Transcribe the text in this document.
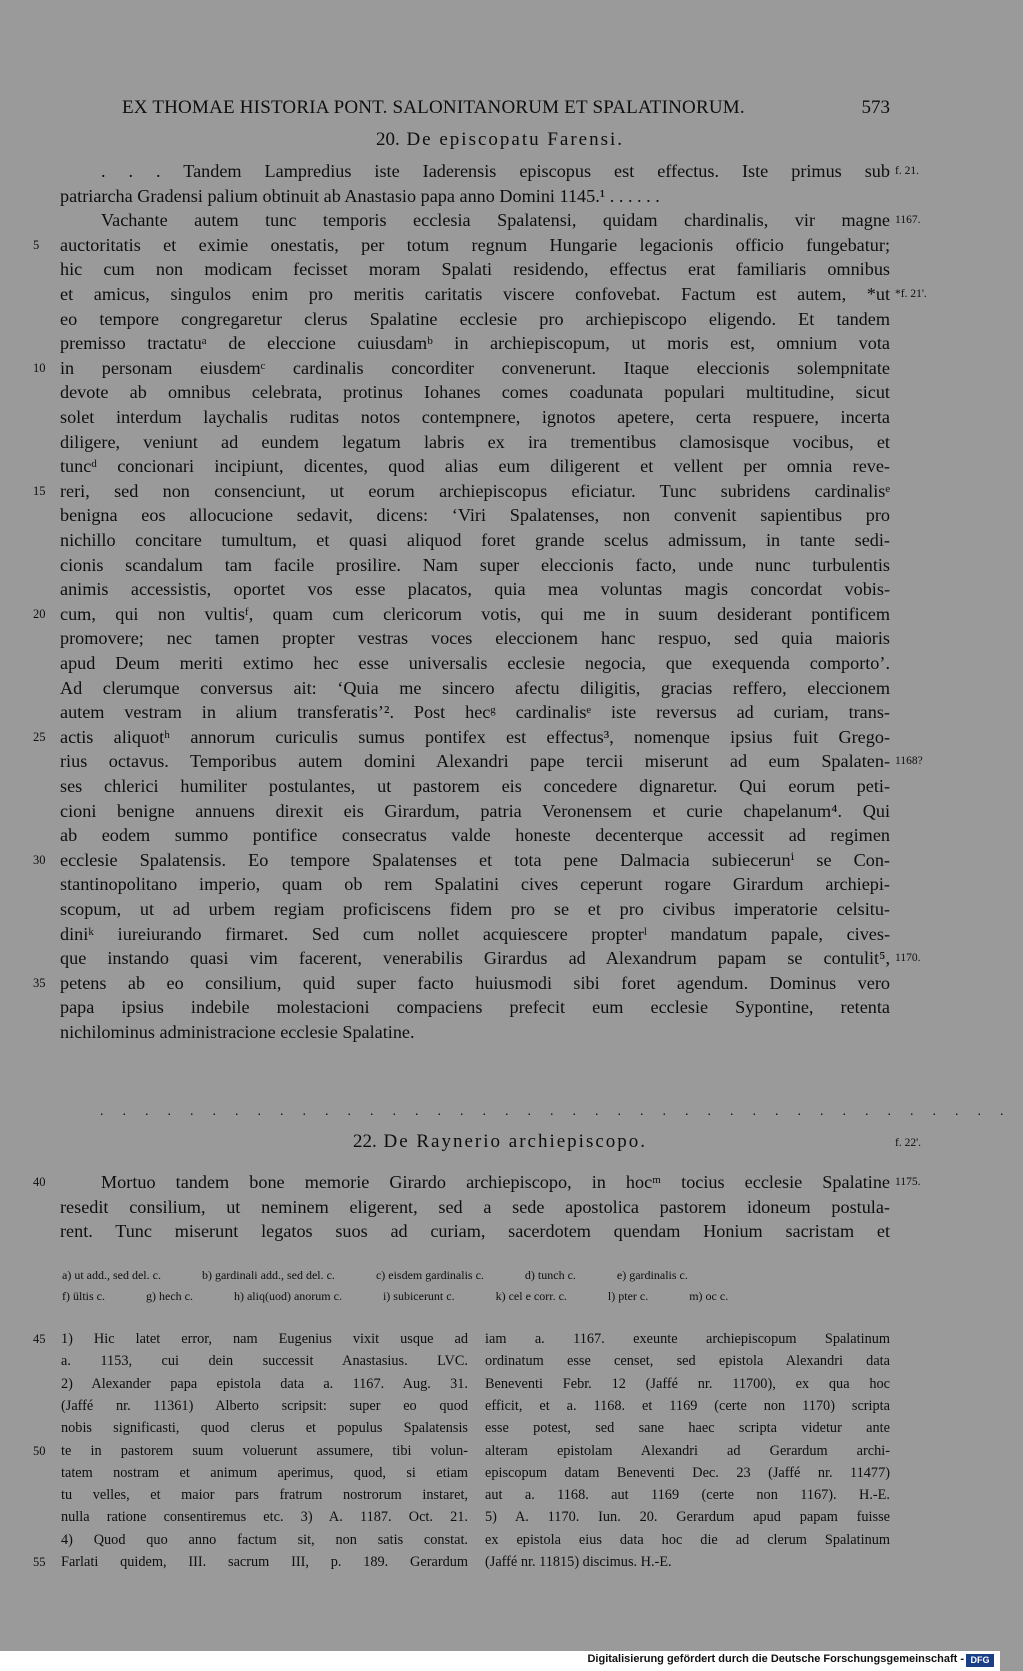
EX THOMAE HISTORIA PONT. SALONITANORUM ET SPALATINORUM.	573
20. De episcopatu Farensi.
. . . Tandem Lampredius iste Iaderensis episcopus est effectus. Iste primus sub f. 21.
patriarcha Gradensi palium obtinuit ab Anastasio papa anno Domini 1145.¹ . . . . . .
Vachante autem tunc temporis ecclesia Spalatensi, quidam chardinalis, vir magne 1167.
5	auctoritatis et eximie onestatis, per totum regnum Hungarie legacionis officio fungebatur;
hic cum non modicam fecisset moram Spalati residendo, effectus erat familiaris omnibus
et amicus, singulos enim pro meritis caritatis viscere confovebat. Factum est autem, *ut *f. 21'.
eo tempore congregaretur clerus Spalatine ecclesie pro archiepiscopo eligendo. Et tandem
premisso tractatuᵃ de eleccione cuiusdamᵇ in archiepiscopum, ut moris est, omnium vota
10 in personam eiusdemᶜ cardinalis concorditer convenerunt. Itaque eleccionis solempnitate
devote ab omnibus celebrata, protinus Iohanes comes coadunata populari multitudine, sicut
solet interdum laychalis ruditas notos contempnere, ignotos apetere, certa respuere, incerta
diligere, veniunt ad eundem legatum labris ex ira trementibus clamosisque vocibus, et
tuncᵈ concionari incipiunt, dicentes, quod alias eum diligerent et vellent per omnia reve-
15 reri, sed non consenciunt, ut eorum archiepiscopus eficiatur. Tunc subridens cardinalisᵉ
benigna eos allocucione sedavit, dicens: ‘Viri Spalatenses, non convenit sapientibus pro
nichillo concitare tumultum, et quasi aliquod foret grande scelus admissum, in tante sedi-
cionis scandalum tam facile prosilire. Nam super eleccionis facto, unde nunc turbulentis
animis accessistis, oportet vos esse placatos, quia mea voluntas magis concordat vobis-
20 cum, qui non vultisᶠ, quam cum clericorum votis, qui me in suum desiderant pontificem
promovere; nec tamen propter vestras voces eleccionem hanc respuo, sed quia maioris
apud Deum meriti extimo hec esse universalis ecclesie negocia, que exequenda comporto’.
Ad clerumque conversus ait: ‘Quia me sincero afectu diligitis, gracias reffero, eleccionem
autem vestram in alium transferatis’². Post hecᵍ cardinalisᵉ iste reversus ad curiam, trans-
25 actis aliquotʰ annorum curiculis sumus pontifex est effectus³, nomenque ipsius fuit Grego-
rius octavus. Temporibus autem domini Alexandri pape tercii miserunt ad eum Spalaten- 1168?
ses chlerici humiliter postulantes, ut pastorem eis concedere dignaretur. Qui eorum peti-
cioni benigne annuens direxit eis Girardum, patria Veronensem et curie chapelanum⁴. Qui
ab eodem summo pontifice consecratus valde honeste decenterque accessit ad regimen
30 ecclesie Spalatensis. Eo tempore Spalatenses et tota pene Dalmacia subiecerunⁱ se Con-
stantinopolitano imperio, quam ob rem Spalatini cives ceperunt rogare Girardum archiepi-
scopum, ut ad urbem regiam proficiscens fidem pro se et pro civibus imperatorie celsitu-
diniᵏ iureiurando firmaret. Sed cum nollet acquiescere propterˡ mandatum papale, cives-
que instando quasi vim facerent, venerabilis Girardus ad Alexandrum papam se contulit⁵, 1170.
35 petens ab eo consilium, quid super facto huiusmodi sibi foret agendum. Dominus vero
papa ipsius indebile molestacioni compaciens prefecit eum ecclesie Sypontine, retenta
nichilominus administracione ecclesie Spalatine.
.........................................
22. De Raynerio archiepiscopo.	f. 22'.
40	Mortuo tandem bone memorie Girardo archiepiscopo, in hocᵐ tocius ecclesie Spalatine 1175.
resedit consilium, ut neminem eligerent, sed a sede apostolica pastorem idoneum postula-
rent. Tunc miserunt legatos suos ad curiam, sacerdotem quendam Honium sacristam et
a) ut add., sed del. c.	b) gardinali add., sed del. c.	c) eisdem gardinalis c.	d) tunch c.	e) gardinalis c.
f) ültis c.	g) hech c.	h) aliq(uod) anorum c.	i) subicerunt c.	k) cel e corr. c.	l) pter c.	m) oc c.
45 1) Hic latet error, nam Eugenius vixit usque ad
a. 1153, cui dein successit Anastasius. LVC.
2) Alexander papa epistola data a. 1167. Aug. 31.
(Jaffé nr. 11361) Alberto scripsit: super eo quod
nobis significasti, quod clerus et populus Spalatensis
50 te in pastorem suum voluerunt assumere, tibi volun-
tatem nostram et animum aperimus, quod, si etiam
tu velles, et maior pars fratrum nostrorum instaret,
nulla ratione consentiremus etc. 3) A. 1187. Oct. 21.
4) Quod quo anno factum sit, non satis constat.
55 Farlati quidem, III. sacrum III, p. 189. Gerardum
iam a. 1167. exeunte archiepiscopum Spalatinum
ordinatum esse censet, sed epistola Alexandri data
Beneventi Febr. 12 (Jaffé nr. 11700), ex qua hoc
efficit, et a. 1168. et 1169 (certe non 1170) scripta
esse potest, sed sane haec scripta videtur ante
alteram epistolam Alexandri ad Gerardum archi-
episcopum datam Beneventi Dec. 23 (Jaffé nr. 11477)
aut a. 1168. aut 1169 (certe non 1167). H.-E.
5) A. 1170. Iun. 20. Gerardum apud papam fuisse
ex epistola eius data hoc die ad clerum Spalatinum
(Jaffé nr. 11815) discimus. H.-E.
Digitalisierung gefördert durch die Deutsche Forschungsgemeinschaft - DFG
